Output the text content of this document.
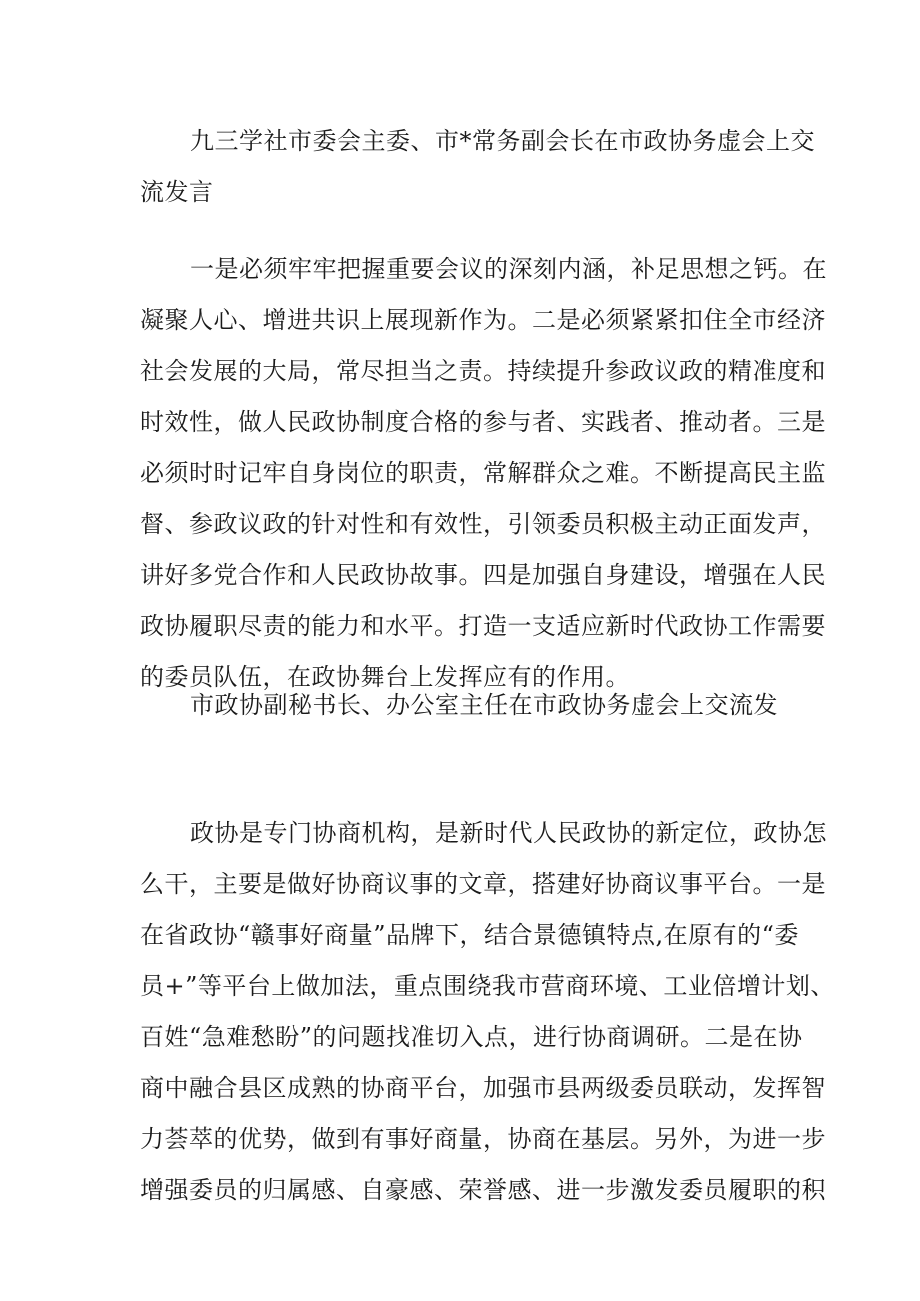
九三学社市委会主委、市*常务副会长在市政协务虚会上交
流发言
一是必须牢牢把握重要会议的深刻内涵，补足思想之钙。在
凝聚人心、增进共识上展现新作为。二是必须紧紧扣住全市经济
社会发展的大局，常尽担当之责。持续提升参政议政的精准度和
时效性，做人民政协制度合格的参与者、实践者、推动者。三是
必须时时记牢自身岗位的职责，常解群众之难。不断提高民主监
督、参政议政的针对性和有效性，引领委员积极主动正面发声，
讲好多党合作和人民政协故事。四是加强自身建设，增强在人民
政协履职尽责的能力和水平。打造一支适应新时代政协工作需要
的委员队伍，在政协舞台上发挥应有的作用。
市政协副秘书长、办公室主任在市政协务虚会上交流发
政协是专门协商机构，是新时代人民政协的新定位，政协怎
么干，主要是做好协商议事的文章，搭建好协商议事平台。一是
在省政协“赣事好商量”品牌下，结合景德镇特点,在原有的“委
员+”等平台上做加法，重点围绕我市营商环境、工业倍增计划、
百姓“急难愁盼”的问题找准切入点，进行协商调研。二是在协
商中融合县区成熟的协商平台，加强市县两级委员联动，发挥智
力荟萃的优势，做到有事好商量，协商在基层。另外，为进一步
增强委员的归属感、自豪感、荣誉感、进一步激发委员履职的积
